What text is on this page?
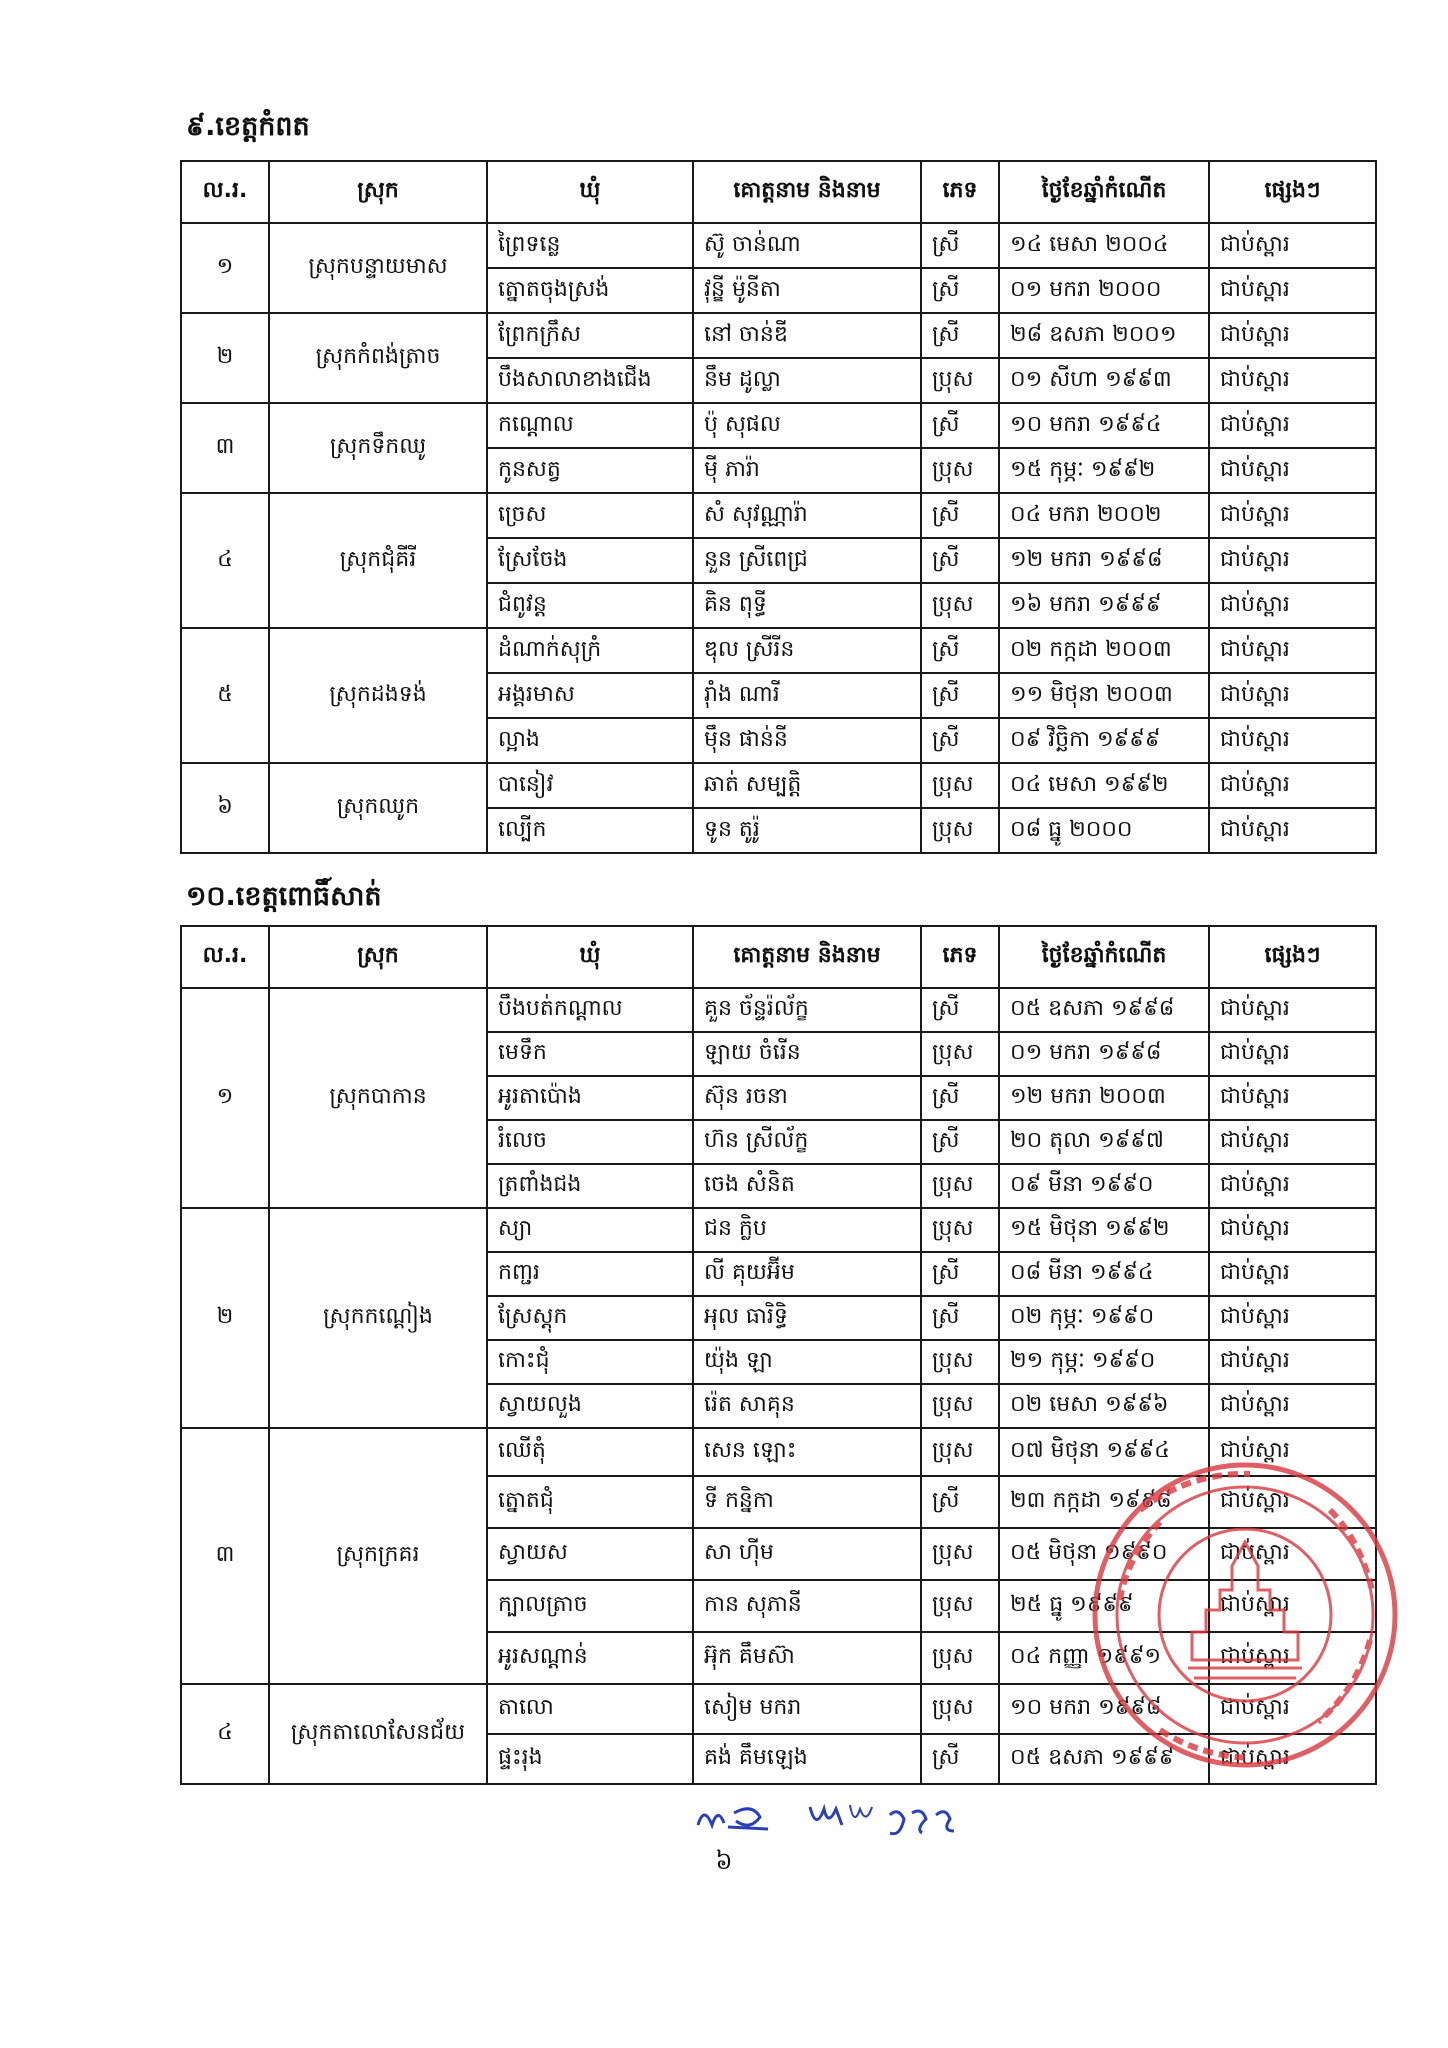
៩.ខេត្តកំពត
ល.រ.	ស្រុក	ឃុំ	គោត្តនាម និងនាម	ភេទ	ថ្ងៃខែឆ្នាំកំណើត	ផ្សេងៗ
១	ស្រុកបន្ទាយមាស	ព្រៃទន្លេ	ស៊ូ ចាន់ណា	ស្រី	១៤ មេសា ២០០៤	ជាប់ស្ពារ
		ត្នោតចុងស្រង់	វុន្ឌី ម៉ូនីតា	ស្រី	០១ មករា ២០០០	ជាប់ស្ពារ
២	ស្រុកកំពង់ត្រាច	ព្រែកក្រឹស	នៅ ចាន់ឌី	ស្រី	២៨ ឧសភា ២០០១	ជាប់ស្ពារ
		បឹងសាលាខាងជើង	នឹម ដូល្លា	ប្រុស	០១ សីហា ១៩៩៣	ជាប់ស្ពារ
៣	ស្រុកទឹកឈូ	កណ្តោល	ប៉ុ សុផល	ស្រី	១០ មករា ១៩៩៤	ជាប់ស្ពារ
		កូនសត្វ	ម៉ី ភារ៉ា	ប្រុស	១៥ កុម្ភៈ ១៩៩២	ជាប់ស្ពារ
៤	ស្រុកជុំគីរី	ច្រេស	សំ សុវណ្ណារ៉ា	ស្រី	០៤ មករា ២០០២	ជាប់ស្ពារ
		ស្រែចែង	នួន ស្រីពេជ្រ	ស្រី	១២ មករា ១៩៩៨	ជាប់ស្ពារ
		ជំពូវន្ត	គិន ពុទ្ធី	ប្រុស	១៦ មករា ១៩៩៩	ជាប់ស្ពារ
៥	ស្រុកដងទង់	ដំណាក់សុក្រំ	ឌុល ស្រីរីន	ស្រី	០២ កក្កដា ២០០៣	ជាប់ស្ពារ
		អង្គរមាស	រ៉ាំង ណារី	ស្រី	១១ មិថុនា ២០០៣	ជាប់ស្ពារ
		ល្អាង	ម៉ឹន ផាន់នី	ស្រី	០៩ វិច្ឆិកា ១៩៩៩	ជាប់ស្ពារ
៦	ស្រុកឈូក	បានៀវ	ឆាត់ សម្បត្តិ	ប្រុស	០៤ មេសា ១៩៩២	ជាប់ស្ពារ
		ល្បើក	ទូន តូរ៉ូ	ប្រុស	០៨ ធ្នូ ២០០០	ជាប់ស្ពារ
១០.ខេត្តពោធិ៍សាត់
ល.រ.	ស្រុក	ឃុំ	គោត្តនាម និងនាម	ភេទ	ថ្ងៃខែឆ្នាំកំណើត	ផ្សេងៗ
១	ស្រុកបាកាន	បឹងបត់កណ្តាល	គួន ច័ន្ទរ៉ល័ក្ខ	ស្រី	០៥ ឧសភា ១៩៩៨	ជាប់ស្ពារ
		មេទឹក	ឡាយ ចំរើន	ប្រុស	០១ មករា ១៩៩៨	ជាប់ស្ពារ
		អូរតាប៉ោង	ស៊ុន រចនា	ស្រី	១២ មករា ២០០៣	ជាប់ស្ពារ
		រំលេច	ហ៊ន ស្រីល័ក្ខ	ស្រី	២០ តុលា ១៩៩៧	ជាប់ស្ពារ
		ត្រពាំងជង	ចេង សំនិត	ប្រុស	០៩ មីនា ១៩៩០	ជាប់ស្ពារ
២	ស្រុកកណ្តៀង	ស្យា	ជន ក្លិប	ប្រុស	១៥ មិថុនា ១៩៩២	ជាប់ស្ពារ
		កញ្ជរ	លី គុយអ៊ីម	ស្រី	០៨ មីនា ១៩៩៤	ជាប់ស្ពារ
		ស្រែស្តុក	អុល ធារិទ្ធិ	ស្រី	០២ កុម្ភៈ ១៩៩០	ជាប់ស្ពារ
		កោះជុំ	យ៉ុង ឡា	ប្រុស	២១ កុម្ភៈ ១៩៩០	ជាប់ស្ពារ
		ស្វាយលួង	រ៉េត សាគុន	ប្រុស	០២ មេសា ១៩៩៦	ជាប់ស្ពារ
៣	ស្រុកក្រគរ	ឈើតុំ	សេន ឡោះ	ប្រុស	០៧ មិថុនា ១៩៩៤	ជាប់ស្ពារ
		ត្នោតជុំ	ទី កន្និកា	ស្រី	២៣ កក្កដា ១៩៩៨	ជាប់ស្ពារ
		ស្វាយស	សា ហ៊ីម	ប្រុស	០៥ មិថុនា ១៩៩០	ជាប់ស្ពារ
		ក្បាលត្រាច	កាន សុភានី	ប្រុស	២៥ ធ្នូ ១៩៩៩	ជាប់ស្ពារ
		អូរសណ្តាន់	អ៊ុក គឹមស៊ា	ប្រុស	០៤ កញ្ញា ១៩៩១	ជាប់ស្ពារ
៤	ស្រុកតាលោសែនជ័យ	តាលោ	សៀម មករា	ប្រុស	១០ មករា ១៩៩៨	ជាប់ស្ពារ
		ផ្ទះរុង	គង់ គឹមឡេង	ស្រី	០៥ ឧសភា ១៩៩៩	ជាប់ស្ពារ
៦
